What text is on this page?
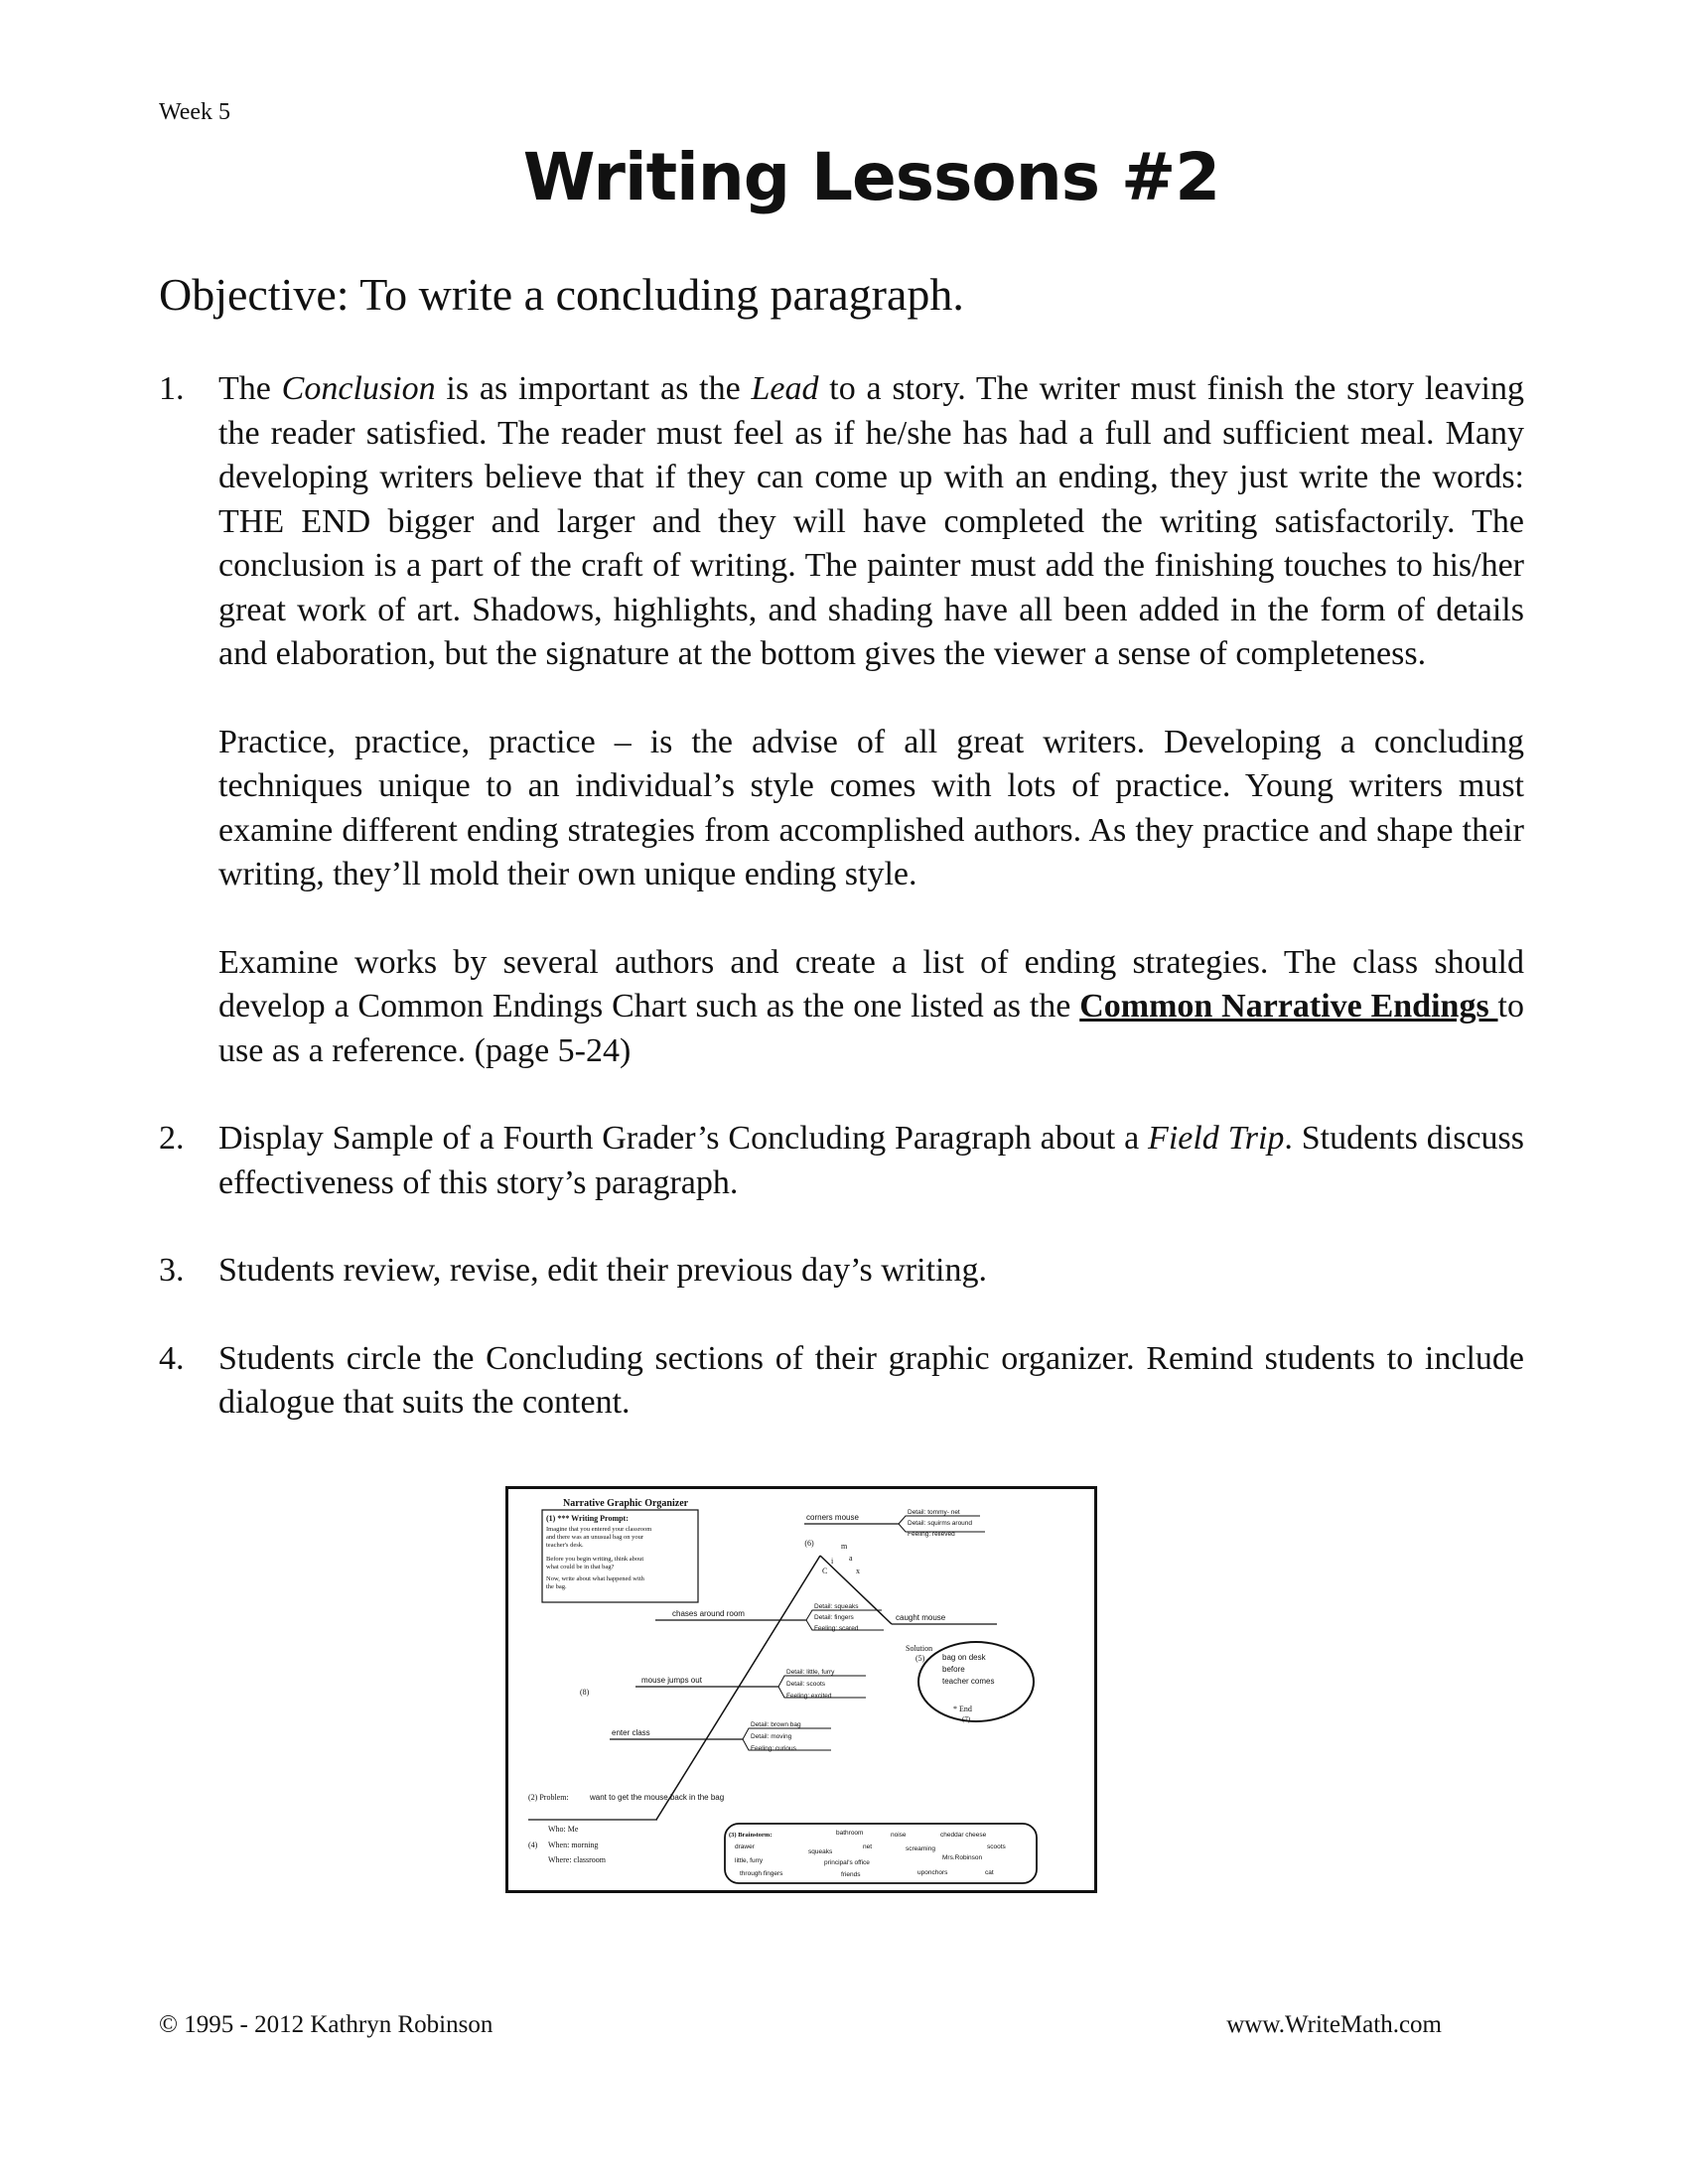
Week 5
Writing Lessons #2
Objective: To write a concluding paragraph.
1. The Conclusion is as important as the Lead to a story. The writer must finish the story leaving the reader satisfied. The reader must feel as if he/she has had a full and sufficient meal. Many developing writers believe that if they can come up with an ending, they just write the words: THE END bigger and larger and they will have completed the writing satisfactorily. The conclusion is a part of the craft of writing. The painter must add the finishing touches to his/her great work of art. Shadows, highlights, and shading have all been added in the form of details and elaboration, but the signature at the bottom gives the viewer a sense of completeness.

Practice, practice, practice – is the advise of all great writers. Developing a concluding techniques unique to an individual’s style comes with lots of practice. Young writers must examine different ending strategies from accomplished authors. As they practice and shape their writing, they’ll mold their own unique ending style.

Examine works by several authors and create a list of ending strategies. The class should develop a Common Endings Chart such as the one listed as the Common Narrative Endings to use as a reference. (page 5-24)

2. Display Sample of a Fourth Grader’s Concluding Paragraph about a Field Trip. Students discuss effectiveness of this story’s paragraph.

3. Students review, revise, edit their previous day’s writing.

4. Students circle the Concluding sections of their graphic organizer. Remind students to include dialogue that suits the content.

Narrative Graphic Organizer
(1) *** Writing Prompt:
Imagine that you entered your classroom
and there was an unusual bag on your
teacher's desk.
Before you begin writing, think about
what could be in that bag?
Now, write about what happened with
the bag.
(6)	m
i
C
a
x
corners mouse
chases around room
mouse jumps out
enter class
(8)
(2) Problem:	want to get the mouse back in the bag
Detail: tommy- net
Detail: squirms around
Feeling: relieved
Detail: squeaks
Detail: fingers
Feeling: scared
Detail: little, furry
Detail: scoots
Feeling: excited
Detail: brown bag
Detail: moving
Feeling: curious
caught mouse
Solution
(5) bag on desk
before
teacher comes
* End
(7)
Who: Me
(4) When: morning
Where: classroom
(3) Brainstorm:	bathroom	noise	cheddar cheese
drawer
squeaks
net	screaming	scoots
little, furry	principal's office
Mrs.Robinson
through fingers	friends	uponchors	cat
© 1995 - 2012 Kathryn Robinson	www.WriteMath.com
